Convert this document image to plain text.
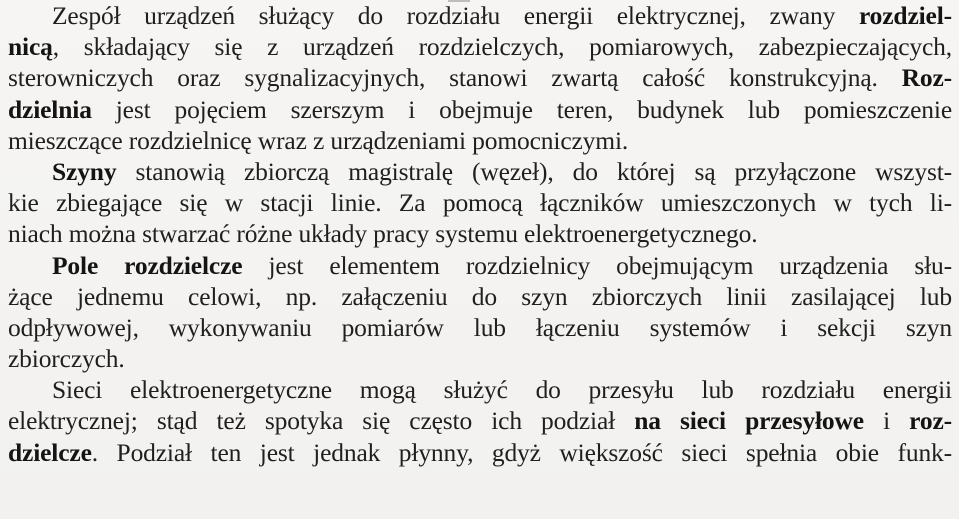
Zespół urządzeń służący do rozdziału energii elektrycznej, zwany rozdziel-
nicą, składający się z urządzeń rozdzielczych, pomiarowych, zabezpieczających,
sterowniczych oraz sygnalizacyjnych, stanowi zwartą całość konstrukcyjną. Roz-
dzielnia jest pojęciem szerszym i obejmuje teren, budynek lub pomieszczenie
mieszczące rozdzielnicę wraz z urządzeniami pomocniczymi.
Szyny stanowią zbiorczą magistralę (węzeł), do której są przyłączone wszyst-
kie zbiegające się w stacji linie. Za pomocą łączników umieszczonych w tych li-
niach można stwarzać różne układy pracy systemu elektroenergetycznego.
Pole rozdzielcze jest elementem rozdzielnicy obejmującym urządzenia słu-
żące jednemu celowi, np. załączeniu do szyn zbiorczych linii zasilającej lub
odpływowej, wykonywaniu pomiarów lub łączeniu systemów i sekcji szyn
zbiorczych.
Sieci elektroenergetyczne mogą służyć do przesyłu lub rozdziału energii
elektrycznej; stąd też spotyka się często ich podział na sieci przesyłowe i roz-
dzielcze. Podział ten jest jednak płynny, gdyż większość sieci spełnia obie funk-
